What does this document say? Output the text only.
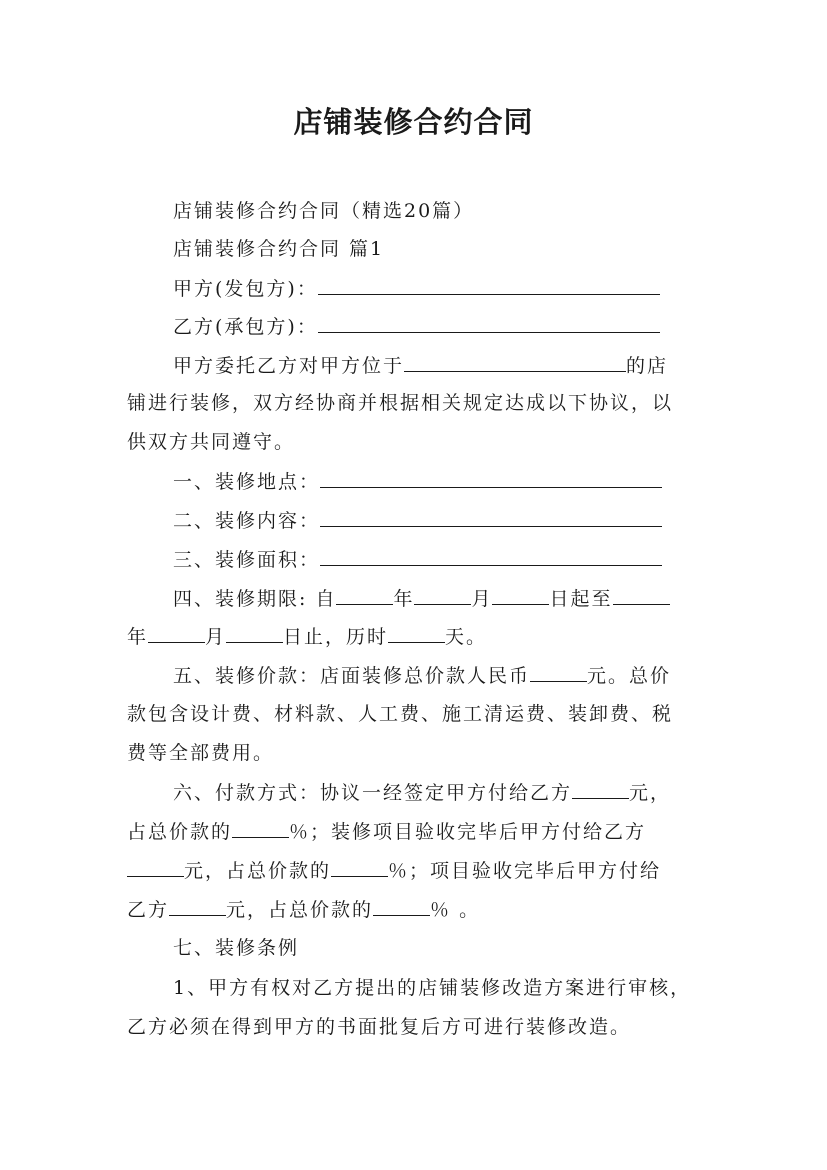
店铺装修合约合同
店铺装修合约合同（精选20篇）
店铺装修合约合同 篇1
甲方(发包方)：
乙方(承包方)：
甲方委托乙方对甲方位于	的店
铺进行装修，双方经协商并根据相关规定达成以下协议，以
供双方共同遵守。
一、装修地点：
二、装修内容：
三、装修面积：
四、装修期限: 自	年	月	日起至
年	月	日止，历时	天。
五、装修价款：店面装修总价款人民币	元。总价
款包含设计费、材料款、人工费、施工清运费、装卸费、税
费等全部费用。
六、付款方式：协议一经签定甲方付给乙方	元，
占总价款的	％；装修项目验收完毕后甲方付给乙方
元，占总价款的	％；项目验收完毕后甲方付给
乙方	元，占总价款的	％ 。
七、装修条例
1、甲方有权对乙方提出的店铺装修改造方案进行审核，
乙方必须在得到甲方的书面批复后方可进行装修改造。
